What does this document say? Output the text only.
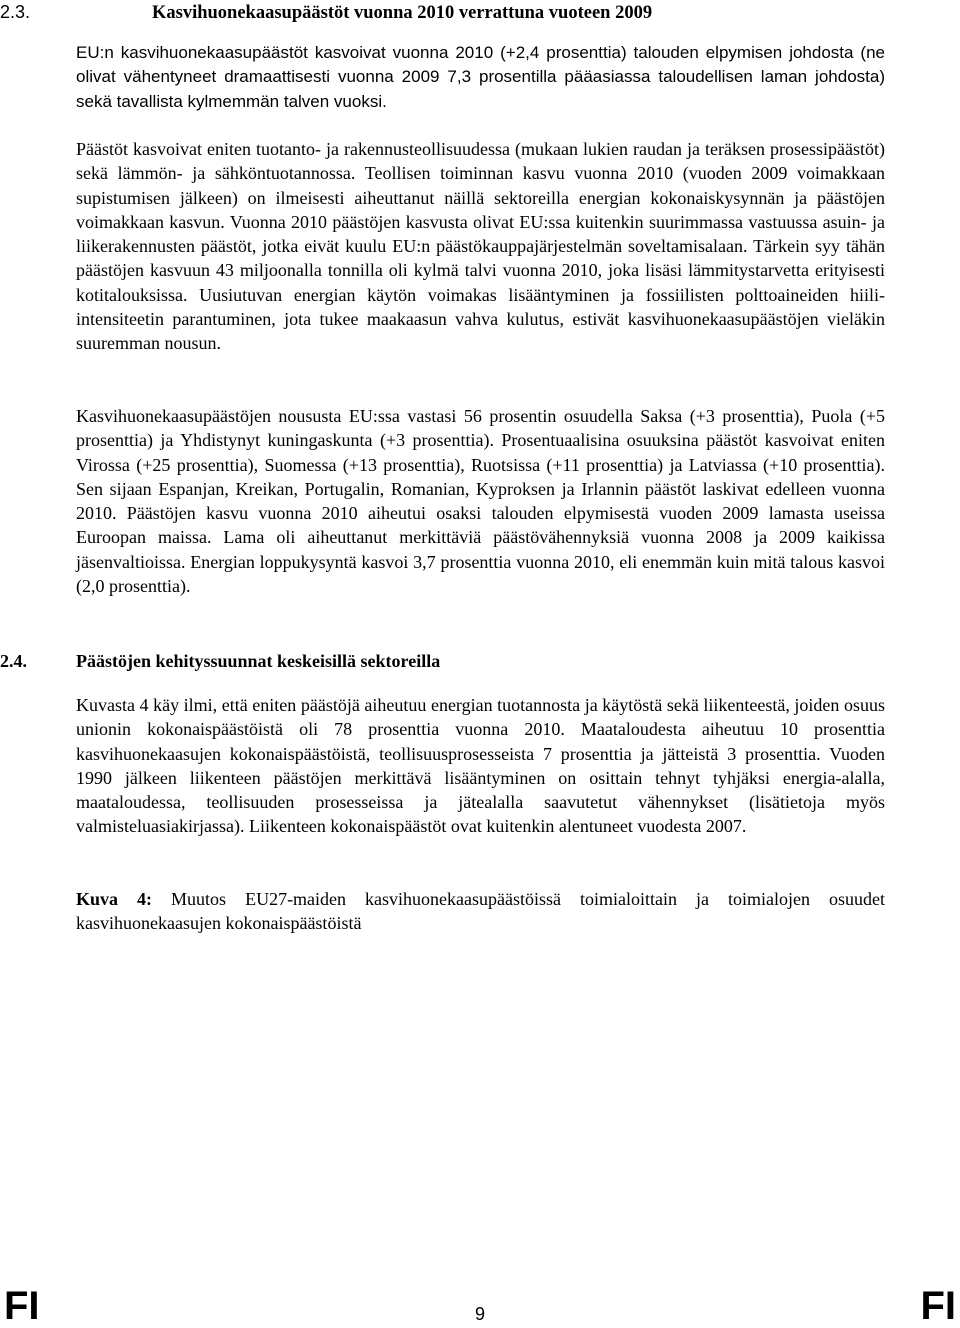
2.3.	Kasvihuonekaasupäästöt vuonna 2010 verrattuna vuoteen 2009

EU:n kasvihuonekaasupäästöt kasvoivat vuonna 2010 (+2,4 prosenttia) talouden elpymisen johdosta (ne olivat vähentyneet dramaattisesti vuonna 2009 7,3 prosentilla pääasiassa taloudellisen laman johdosta) sekä tavallista kylmemmän talven vuoksi.

Päästöt kasvoivat eniten tuotanto- ja rakennusteollisuudessa (mukaan lukien raudan ja teräksen prosessipäästöt) sekä lämmön- ja sähköntuotannossa. Teollisen toiminnan kasvu vuonna 2010 (vuoden 2009 voimakkaan supistumisen jälkeen) on ilmeisesti aiheuttanut näillä sektoreilla energian kokonaiskysynnän ja päästöjen voimakkaan kasvun. Vuonna 2010 päästöjen kasvusta olivat EU:ssa kuitenkin suurimmassa vastuussa asuin- ja liikerakennusten päästöt, jotka eivät kuulu EU:n päästökauppajärjestelmän soveltamisalaan. Tärkein syy tähän päästöjen kasvuun 43 miljoonalla tonnilla oli kylmä talvi vuonna 2010, joka lisäsi lämmitystarvetta erityisesti kotitalouksissa. Uusiutuvan energian käytön voimakas lisääntyminen ja fossiilisten polttoaineiden hiili-intensiteetin parantuminen, jota tukee maakaasun vahva kulutus, estivät kasvihuonekaasupäästöjen vieläkin suuremman nousun.

Kasvihuonekaasupäästöjen noususta EU:ssa vastasi 56 prosentin osuudella Saksa (+3 prosenttia), Puola (+5 prosenttia) ja Yhdistynyt kuningaskunta (+3 prosenttia). Prosentuaalisina osuuksina päästöt kasvoivat eniten Virossa (+25 prosenttia), Suomessa (+13 prosenttia), Ruotsissa (+11 prosenttia) ja Latviassa (+10 prosenttia). Sen sijaan Espanjan, Kreikan, Portugalin, Romanian, Kyproksen ja Irlannin päästöt laskivat edelleen vuonna 2010. Päästöjen kasvu vuonna 2010 aiheutui osaksi talouden elpymisestä vuoden 2009 lamasta useissa Euroopan maissa. Lama oli aiheuttanut merkittäviä päästövähennyksiä vuonna 2008 ja 2009 kaikissa jäsenvaltioissa. Energian loppukysyntä kasvoi 3,7 prosenttia vuonna 2010, eli enemmän kuin mitä talous kasvoi (2,0 prosenttia).

2.4.	Päästöjen kehityssuunnat keskeisillä sektoreilla

Kuvasta 4 käy ilmi, että eniten päästöjä aiheutuu energian tuotannosta ja käytöstä sekä liikenteestä, joiden osuus unionin kokonaispäästöistä oli 78 prosenttia vuonna 2010. Maataloudesta aiheutuu 10 prosenttia kasvihuonekaasujen kokonaispäästöistä, teollisuusprosesseista 7 prosenttia ja jätteistä 3 prosenttia. Vuoden 1990 jälkeen liikenteen päästöjen merkittävä lisääntyminen on osittain tehnyt tyhjäksi energia-alalla, maataloudessa, teollisuuden prosesseissa ja jätealalla saavutetut vähennykset (lisätietoja myös valmisteluasiakirjassa). Liikenteen kokonaispäästöt ovat kuitenkin alentuneet vuodesta 2007.

Kuva 4: Muutos EU27-maiden kasvihuonekaasupäästöissä toimialoittain ja toimialojen osuudet kasvihuonekaasujen kokonaispäästöistä

FI	9	FI
